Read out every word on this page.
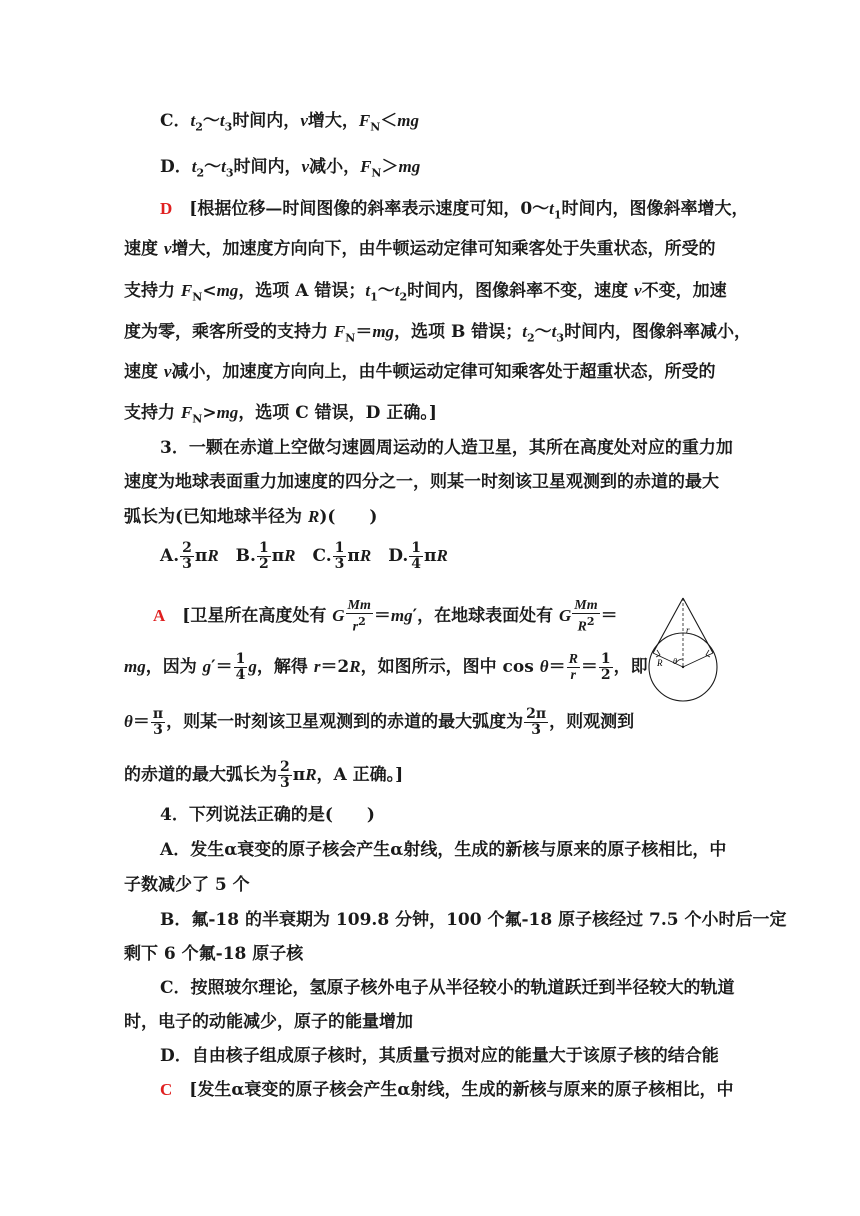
C．$t_2\sim t_3$时间内，v增大，$F_N<mg$
D．$t_2\sim t_3$时间内，v减小，$F_N>mg$
D　[根据位移—时间图像的斜率表示速度可知，$0\sim t_1$时间内，图像斜率增大，
速度 v增大，加速度方向向下，由牛顿运动定律可知乘客处于失重状态，所受的
支持力 $F_N<mg$，选项 A 错误；$t_1\sim t_2$时间内，图像斜率不变，速度 v不变，加速
度为零，乘客所受的支持力 $F_N=mg$，选项 B 错误；$t_2\sim t_3$时间内，图像斜率减小，
速度 v减小，加速度方向向上，由牛顿运动定律可知乘客处于超重状态，所受的
支持力 $F_N>mg$，选项 C 错误，D 正确。]
3．一颗在赤道上空做匀速圆周运动的人造卫星，其所在高度处对应的重力加
速度为地球表面重力加速度的四分之一，则某一时刻该卫星观测到的赤道的最大
弧长为(已知地球半径为 R)(　　)
A. $\frac{2}{3}$ πR　B. $\frac{1}{2}$ πR　C. $\frac{1}{3}$ πR　D. $\frac{1}{4}$ πR
A　[卫星所在高度处有 G $\frac{Mm}{r^2} =mg'$，在地球表面处有 G $\frac{Mm}{R^2}$ ＝
mg，因为 $g'= \frac{1}{4}$ g，解得 r＝2R，如图所示，图中 $\cos \theta= \frac{R}{r} = \frac{1}{2}$ ，即
$\theta= \frac{\pi}{3}$ ，则某一时刻该卫星观测到的赤道的最大弧度为 $\frac{2\pi}{3}$ ，则观测到
的赤道的最大弧长为 $\frac{2}{3}$ πR，A 正确。]
r
R θ
4．下列说法正确的是(　　)
A．发生α衰变的原子核会产生α射线，生成的新核与原来的原子核相比，中
子数减少了 5 个
B．氟-18 的半衰期为 109.8 分钟，100 个氟-18 原子核经过 7.5 个小时后一定
剩下 6 个氟-18 原子核
C．按照玻尔理论，氢原子核外电子从半径较小的轨道跃迁到半径较大的轨道
时，电子的动能减少，原子的能量增加
D．自由核子组成原子核时，其质量亏损对应的能量大于该原子核的结合能
C　[发生α衰变的原子核会产生α射线，生成的新核与原来的原子核相比，中
